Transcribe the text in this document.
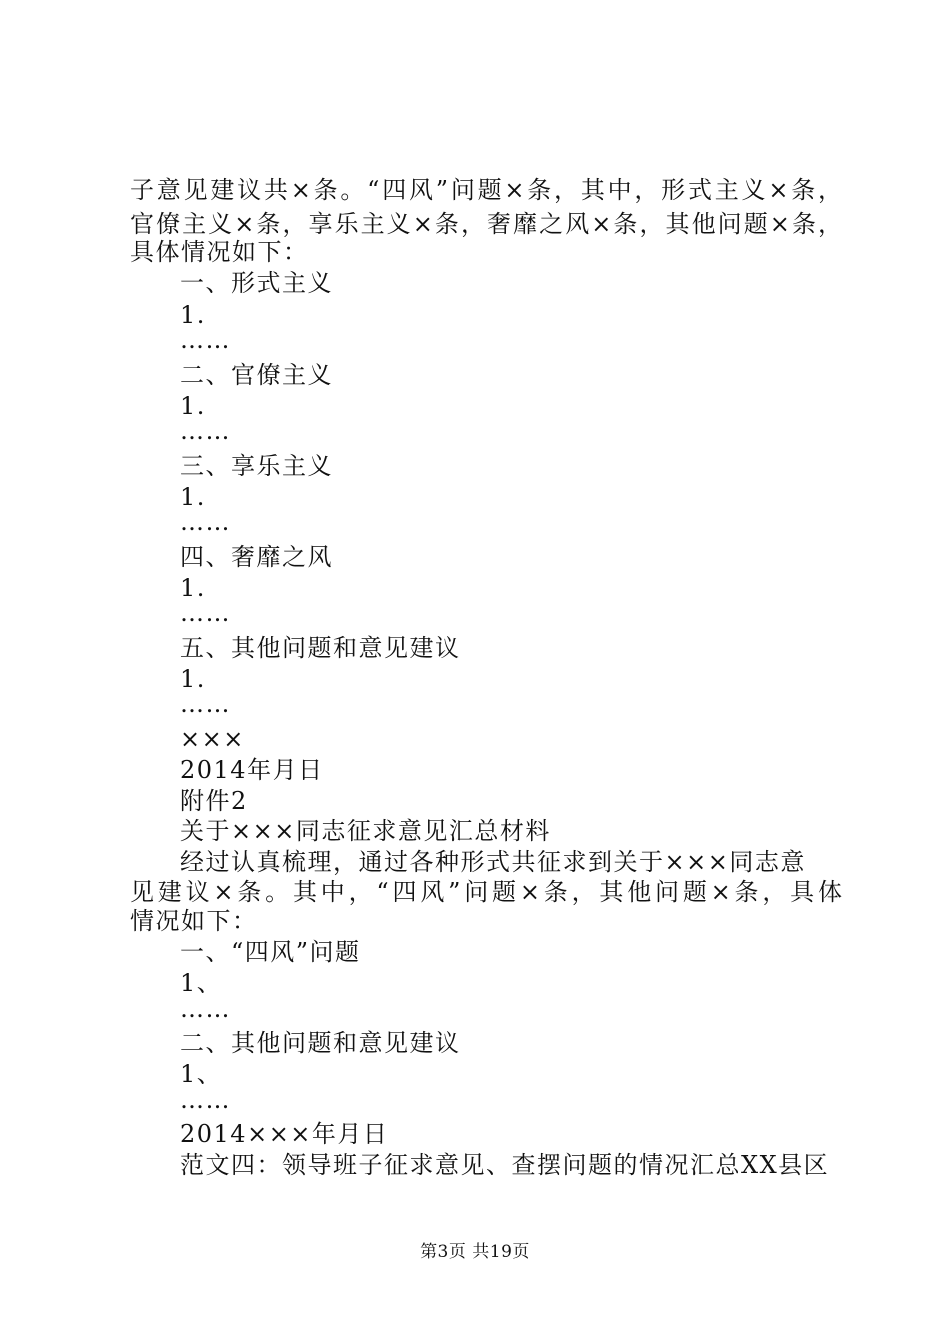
子意见建议共×条。“四风”问题×条，其中，形式主义×条，
官僚主义×条，享乐主义×条，奢靡之风×条，其他问题×条，
具体情况如下：
一、形式主义
1.
……
二、官僚主义
1.
……
三、享乐主义
1.
……
四、奢靡之风
1.
……
五、其他问题和意见建议
1.
……
×××
2014年月日
附件2
关于×××同志征求意见汇总材料
经过认真梳理，通过各种形式共征求到关于×××同志意
见建议×条。其中，“四风”问题×条，其他问题×条，具体
情况如下：
一、“四风”问题
1、
……
二、其他问题和意见建议
1、
……
2014×××年月日
范文四：领导班子征求意见、查摆问题的情况汇总XX县区
第3页 共19页
